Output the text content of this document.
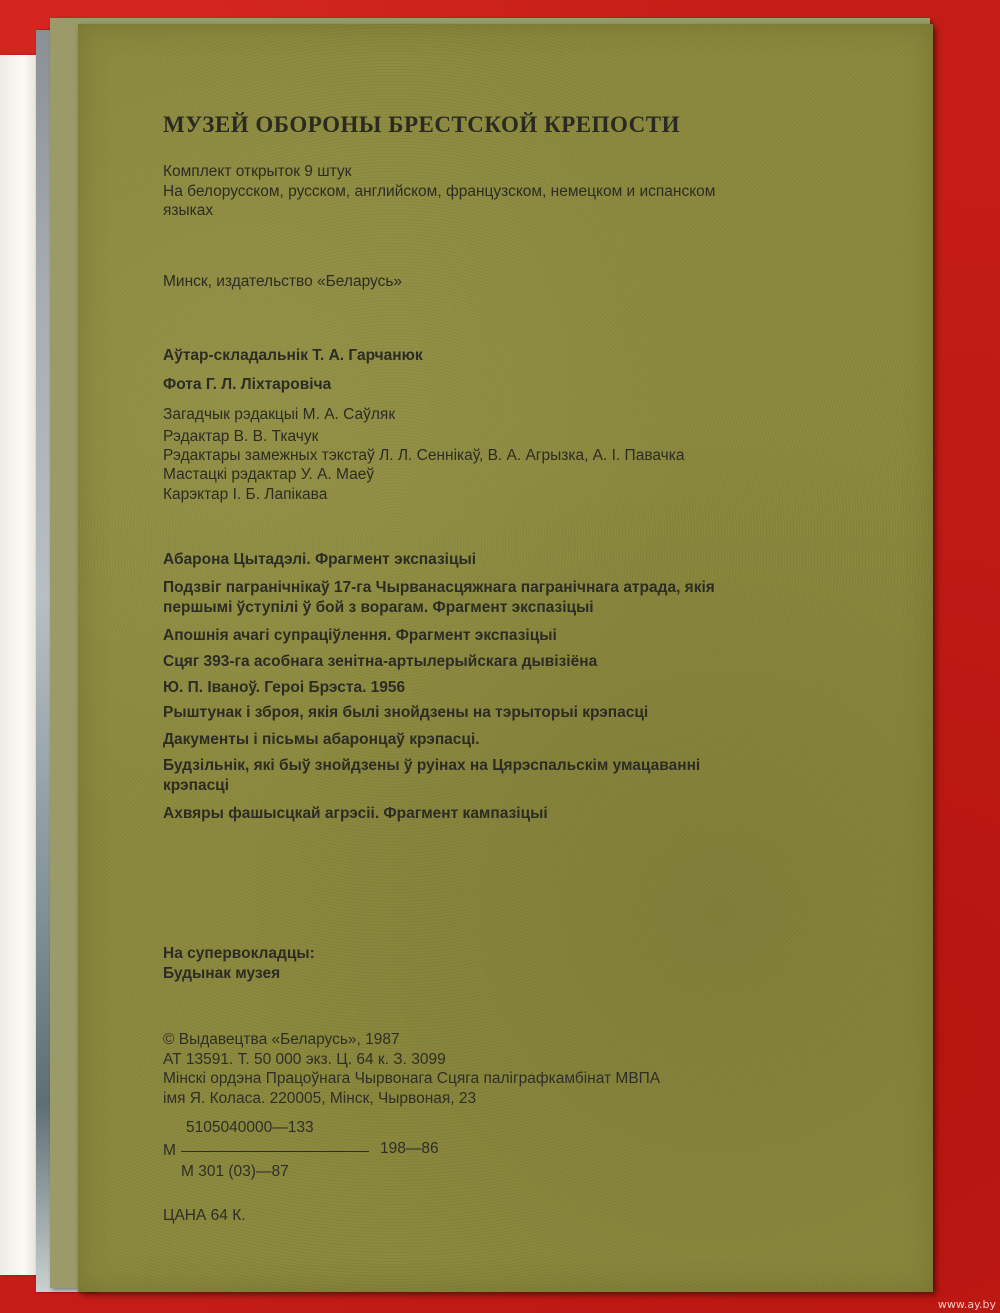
МУЗЕЙ ОБОРОНЫ БРЕСТСКОЙ КРЕПОСТИ
Комплект открыток 9 штук
На белорусском, русском, английском, французском, немецком и испанском
языках
Минск, издательство «Беларусь»
Аўтар-складальнік Т. А. Гарчанюк
Фота Г. Л. Ліхтаровіча
Загадчык рэдакцыі М. А. Саўляк
Рэдактар В. В. Ткачук
Рэдактары замежных тэкстаў Л. Л. Сеннікаў, В. А. Агрызка, А. І. Павачка
Мастацкі рэдактар У. А. Маеў
Карэктар І. Б. Лапікава
Абарона Цытадэлі. Фрагмент экспазіцыі
Подзвіг пагранічнікаў 17-га Чырванасцяжнага пагранічнага атрада, якія
першымі ўступілі ў бой з ворагам. Фрагмент экспазіцыі
Апошнія ачагі супраціўлення. Фрагмент экспазіцыі
Сцяг 393-га асобнага зенітна-артылерыйскага дывізіёна
Ю. П. Іваноў. Героі Брэста. 1956
Рыштунак і зброя, якія былі знойдзены на тэрыторыі крэпасці
Дакументы і пісьмы абаронцаў крэпасці.
Будзільнік, які быў знойдзены ў руінах на Цярэспальскім умацаванні
крэпасці
Ахвяры фашысцкай агрэсіі. Фрагмент кампазіцыі
На супервокладцы:
Будынак музея
© Выдавецтва «Беларусь», 1987
АТ 13591. Т. 50 000 экз. Ц. 64 к. З. 3099
Мінскі ордэна Працоўнага Чырвонага Сцяга паліграфкамбінат МВПА
імя Я. Коласа. 220005, Мінск, Чырвоная, 23
5105040000—133
М	198—86
М 301 (03)—87
ЦАНА 64 К.
www.ay.by
